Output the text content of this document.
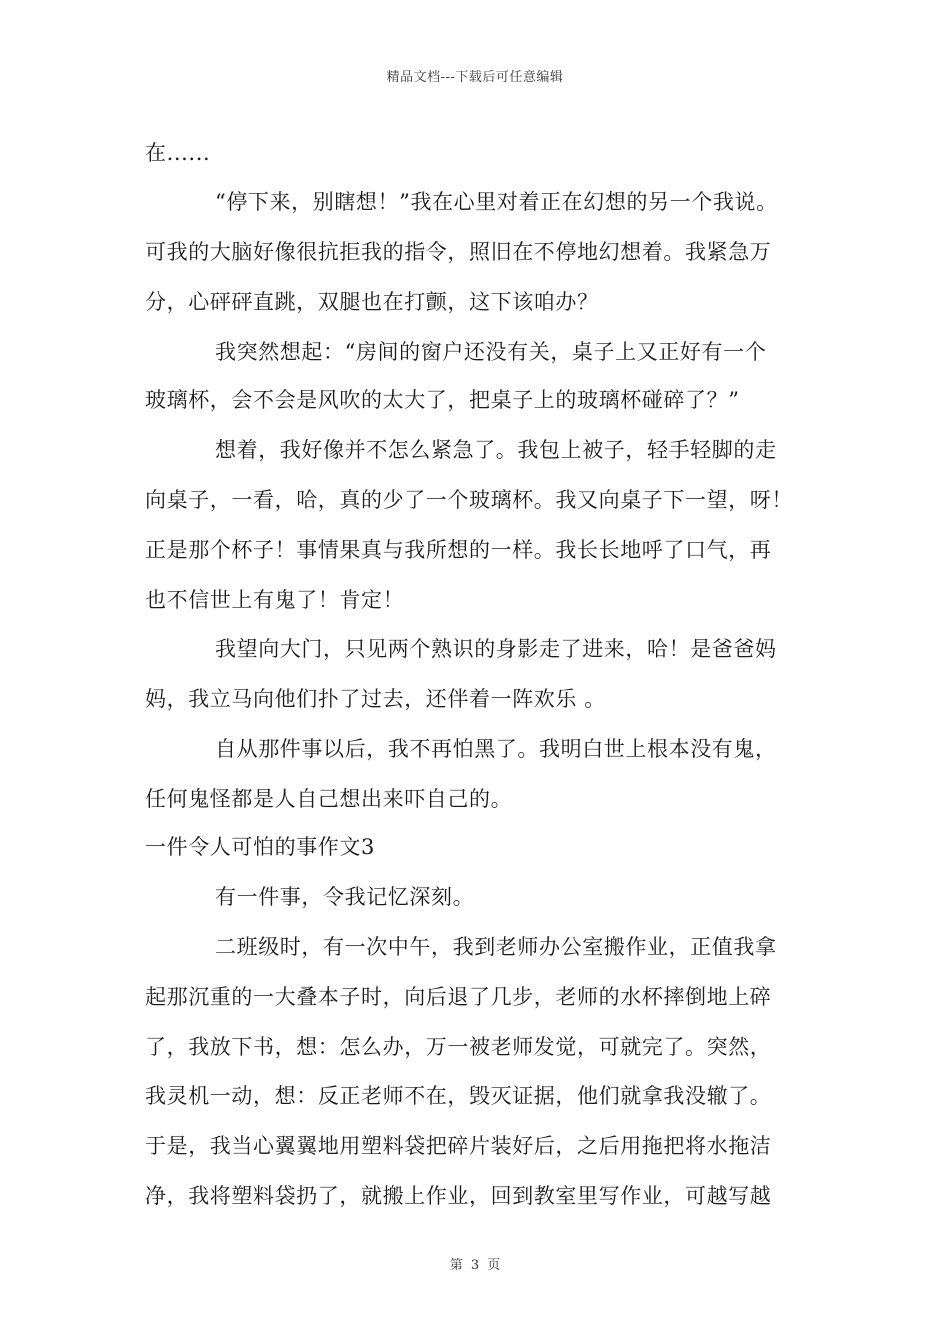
精品文档---下载后可任意编辑
在......
“停下来，别瞎想！”我在心里对着正在幻想的另一个我说。
可我的大脑好像很抗拒我的指令，照旧在不停地幻想着。我紧急万
分，心砰砰直跳，双腿也在打颤，这下该咱办？
我突然想起：“房间的窗户还没有关，桌子上又正好有一个
玻璃杯，会不会是风吹的太大了，把桌子上的玻璃杯碰碎了？”
想着，我好像并不怎么紧急了。我包上被子，轻手轻脚的走
向桌子，一看，哈，真的少了一个玻璃杯。我又向桌子下一望，呀！
正是那个杯子！事情果真与我所想的一样。我长长地呼了口气，再
也不信世上有鬼了！肯定！
我望向大门，只见两个熟识的身影走了进来，哈！是爸爸妈
妈，我立马向他们扑了过去，还伴着一阵欢乐 。
自从那件事以后，我不再怕黑了。我明白世上根本没有鬼，
任何鬼怪都是人自己想出来吓自己的。
一件令人可怕的事作文3
有一件事，令我记忆深刻。
二班级时，有一次中午，我到老师办公室搬作业，正值我拿
起那沉重的一大叠本子时，向后退了几步，老师的水杯摔倒地上碎
了，我放下书，想：怎么办，万一被老师发觉，可就完了。突然，
我灵机一动，想：反正老师不在，毁灭证据，他们就拿我没辙了。
于是，我当心翼翼地用塑料袋把碎片装好后，之后用拖把将水拖洁
净，我将塑料袋扔了，就搬上作业，回到教室里写作业，可越写越
第 3 页
